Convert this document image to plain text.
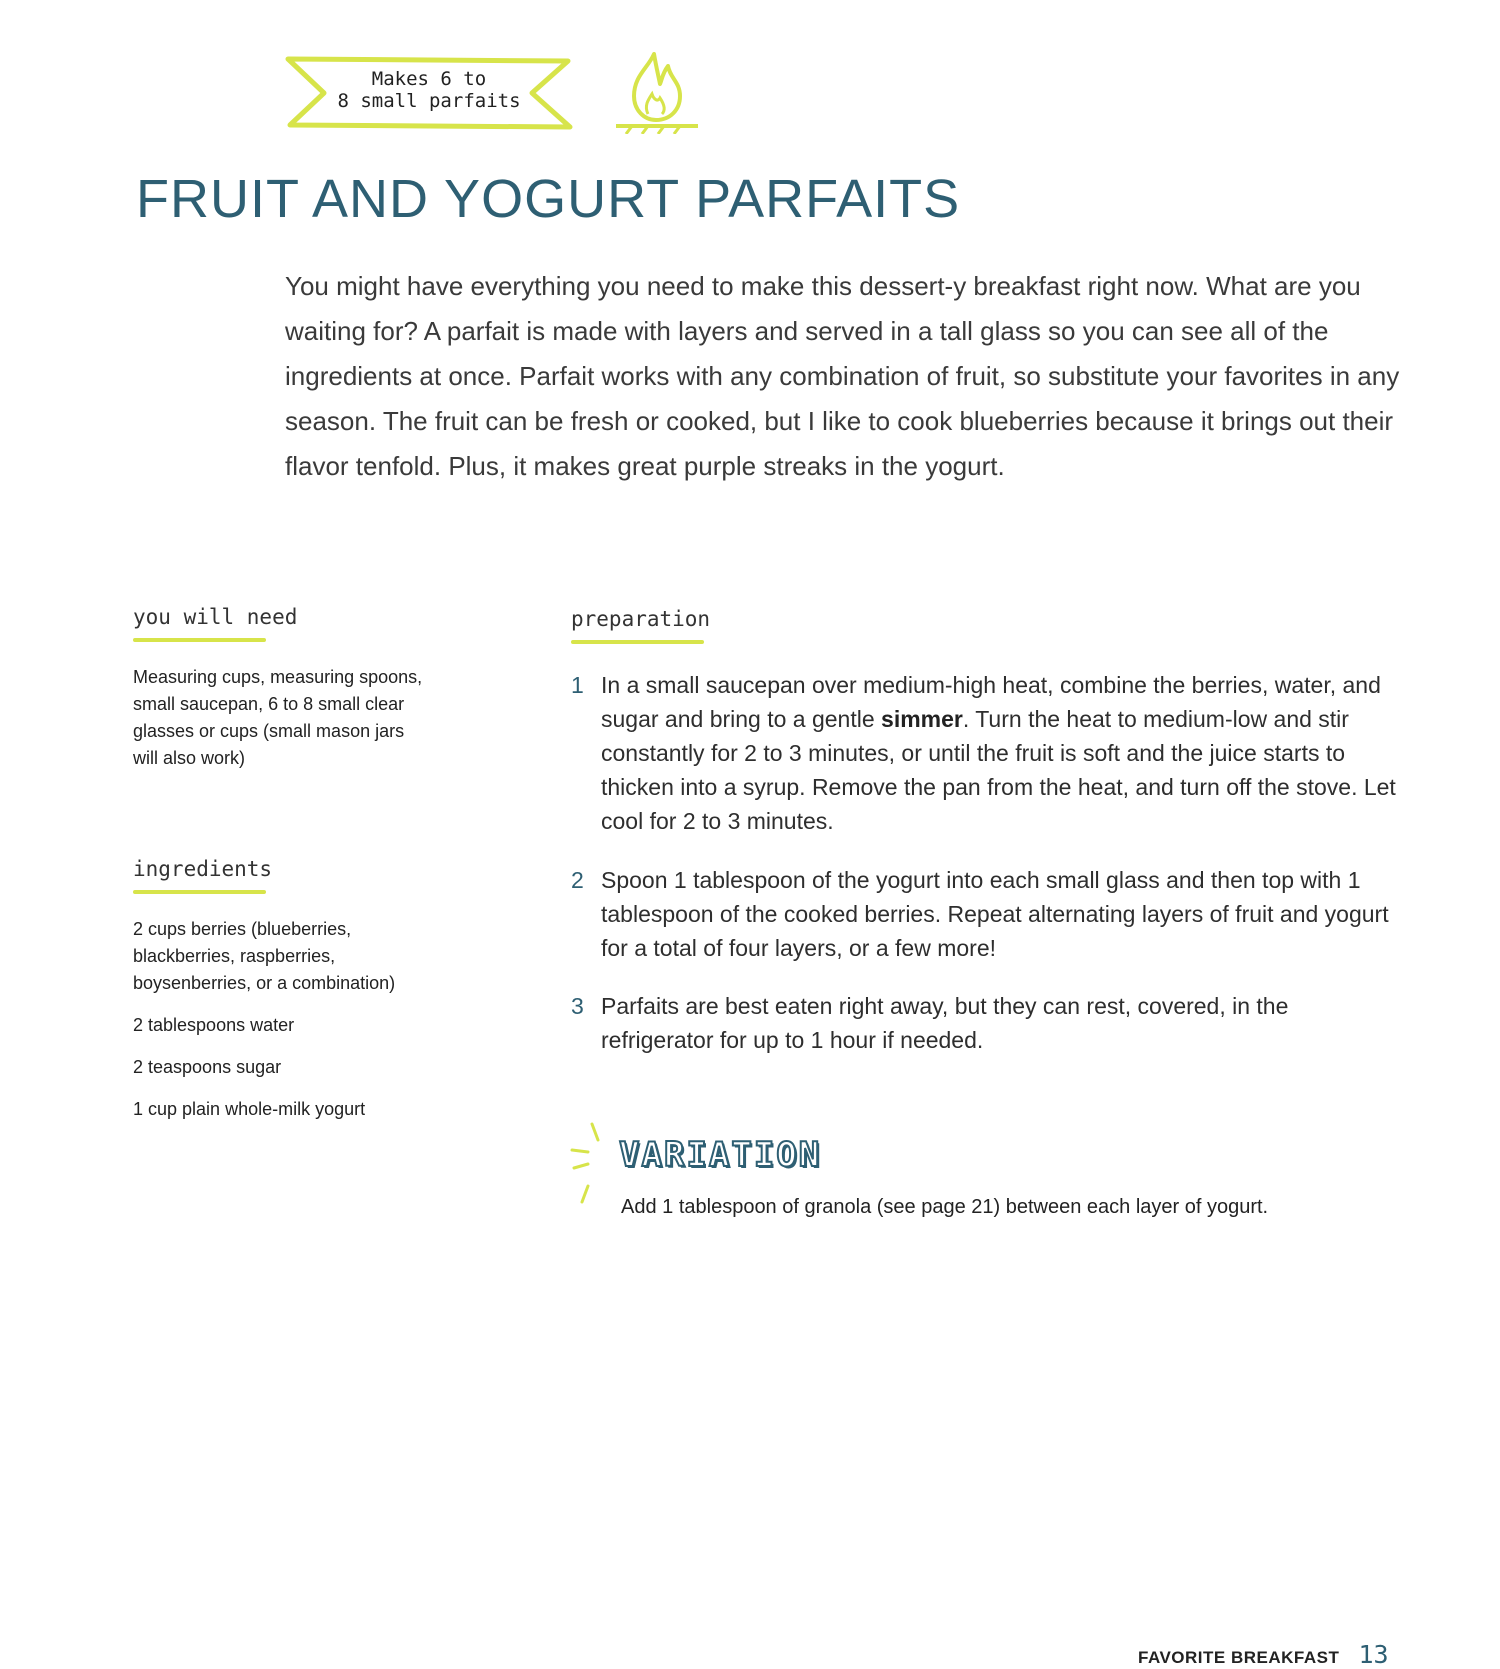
Makes 6 to
8 small parfaits
FRUIT AND YOGURT PARFAITS

You might have everything you need to make this dessert-y breakfast right now. What are you waiting for? A parfait is made with layers and served in a tall glass so you can see all of the ingredients at once. Parfait works with any combination of fruit, so substitute your favorites in any season. The fruit can be fresh or cooked, but I like to cook blueberries because it brings out their flavor tenfold. Plus, it makes great purple streaks in the yogurt.

you will need
Measuring cups, measuring spoons, small saucepan, 6 to 8 small clear glasses or cups (small mason jars will also work)
ingredients
2 cups berries (blueberries, blackberries, raspberries, boysenberries, or a combination)
2 tablespoons water
2 teaspoons sugar
1 cup plain whole-milk yogurt
preparation
1 In a small saucepan over medium-high heat, combine the berries, water, and sugar and bring to a gentle simmer. Turn the heat to medium-low and stir constantly for 2 to 3 minutes, or until the fruit is soft and the juice starts to thicken into a syrup. Remove the pan from the heat, and turn off the stove. Let cool for 2 to 3 minutes.
2 Spoon 1 tablespoon of the yogurt into each small glass and then top with 1 tablespoon of the cooked berries. Repeat alternating layers of fruit and yogurt for a total of four layers, or a few more!
3 Parfaits are best eaten right away, but they can rest, covered, in the refrigerator for up to 1 hour if needed.
VARIATION
Add 1 tablespoon of granola (see page 21) between each layer of yogurt.
FAVORITE BREAKFAST 13
